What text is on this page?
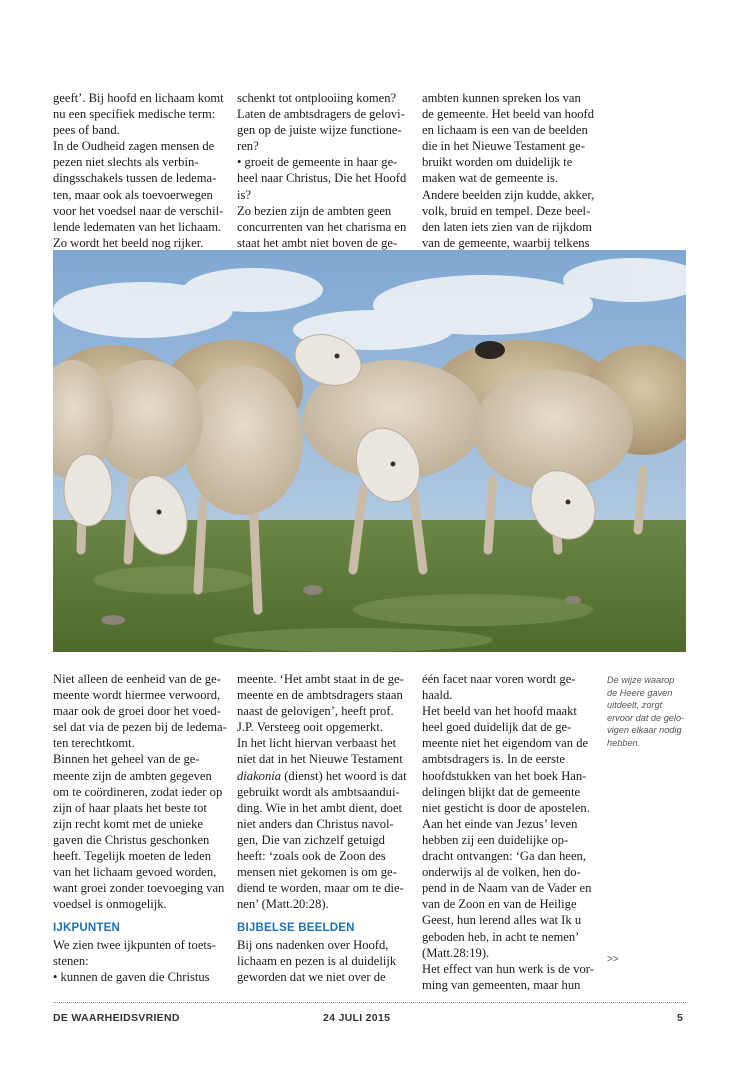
geeft’. Bij hoofd en lichaam komt

nu een specifiek medische term:

pees of band.

In de Oudheid zagen mensen de

pezen niet slechts als verbin-

dingsschakels tussen de ledema-

ten, maar ook als toevoerwegen

voor het voedsel naar de verschil-

lende ledematen van het lichaam.

Zo wordt het beeld nog rijker.

schenkt tot ontplooiing komen?

Laten de ambtsdragers de gelovi-

gen op de juiste wijze functione-

ren?

• groeit de gemeente in haar ge-

heel naar Christus, Die het Hoofd

is?

Zo bezien zijn de ambten geen

concurrenten van het charisma en

staat het ambt niet boven de ge-

ambten kunnen spreken los van

de gemeente. Het beeld van hoofd

en lichaam is een van de beelden

die in het Nieuwe Testament ge-

bruikt worden om duidelijk te

maken wat de gemeente is.

Andere beelden zijn kudde, akker,

volk, bruid en tempel. Deze beel-

den laten iets zien van de rijkdom

van de gemeente, waarbij telkens

Niet alleen de eenheid van de ge-

meente wordt hiermee verwoord,

maar ook de groei door het voed-

sel dat via de pezen bij de ledema-

ten terechtkomt.

Binnen het geheel van de ge-

meente zijn de ambten gegeven

om te coördineren, zodat ieder op

zijn of haar plaats het beste tot

zijn recht komt met de unieke

gaven die Christus geschonken

heeft. Tegelijk moeten de leden

van het lichaam gevoed worden,

want groei zonder toevoeging van

voedsel is onmogelijk.

IJKPUNTEN

We zien twee ijkpunten of toets-

stenen:

• kunnen de gaven die Christus

meente. ‘Het ambt staat in de ge-

meente en de ambtsdragers staan

naast de gelovigen’, heeft prof.

J.P. Versteeg ooit opgemerkt.

In het licht hiervan verbaast het

niet dat in het Nieuwe Testament

diakonia (dienst) het woord is dat

gebruikt wordt als ambtsaandui-

ding. Wie in het ambt dient, doet

niet anders dan Christus navol-

gen, Die van zichzelf getuigd

heeft: ‘zoals ook de Zoon des

mensen niet gekomen is om ge-

diend te worden, maar om te die-

nen’ (Matt.20:28).

BIJBELSE BEELDEN

Bij ons nadenken over Hoofd,

lichaam en pezen is al duidelijk

geworden dat we niet over de

één facet naar voren wordt ge-

haald.

Het beeld van het hoofd maakt

heel goed duidelijk dat de ge-

meente niet het eigendom van de

ambtsdragers is. In de eerste

hoofdstukken van het boek Han-

delingen blijkt dat de gemeente

niet gesticht is door de apostelen.

Aan het einde van Jezus’ leven

hebben zij een duidelijke op-

dracht ontvangen: ‘Ga dan heen,

onderwijs al de volken, hen do-

pend in de Naam van de Vader en

van de Zoon en van de Heilige

Geest, hun lerend alles wat Ik u

geboden heb, in acht te nemen’

(Matt.28:19).

Het effect van hun werk is de vor-

ming van gemeenten, maar hun

De wijze waarop de Heere gaven uitdeelt, zorgt ervoor dat de gelo-vigen elkaar nodig hebben.
>>
DE WAARHEIDSVRIEND	24 JULI 2015	5
